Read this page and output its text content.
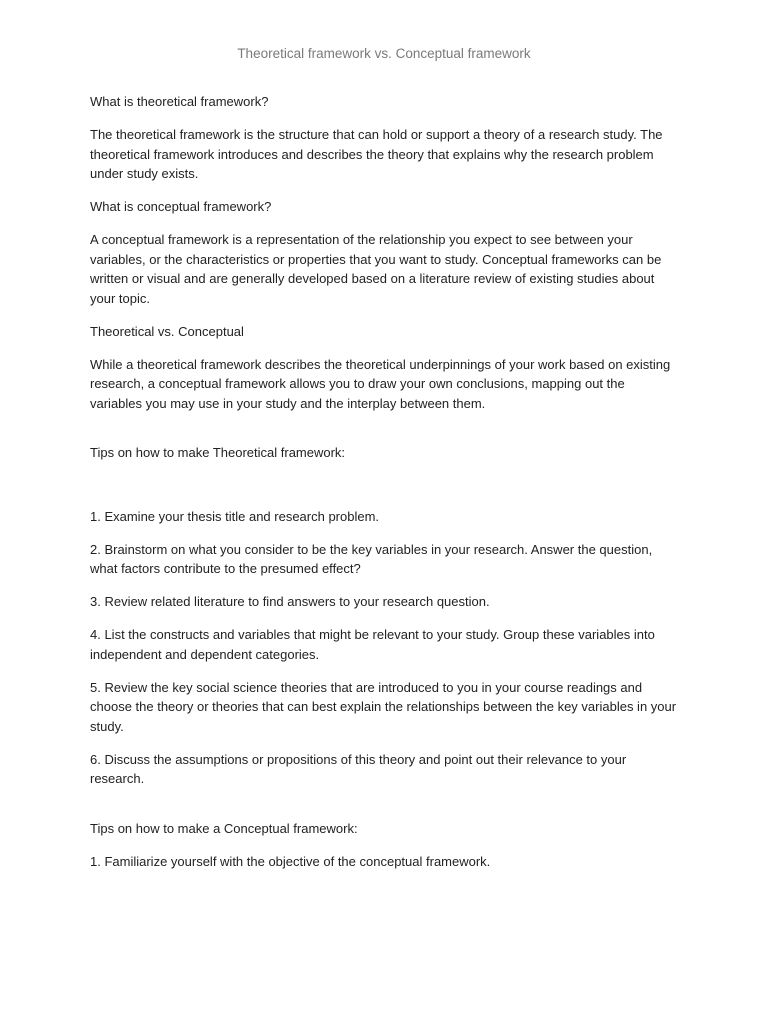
Theoretical framework vs. Conceptual framework

What is theoretical framework?

The theoretical framework is the structure that can hold or support a theory of a research study. The theoretical framework introduces and describes the theory that explains why the research problem under study exists.

What is conceptual framework?

A conceptual framework is a representation of the relationship you expect to see between your variables, or the characteristics or properties that you want to study. Conceptual frameworks can be written or visual and are generally developed based on a literature review of existing studies about your topic.

Theoretical vs. Conceptual

While a theoretical framework describes the theoretical underpinnings of your work based on existing research, a conceptual framework allows you to draw your own conclusions, mapping out the variables you may use in your study and the interplay between them.

Tips on how to make Theoretical framework:

1. Examine your thesis title and research problem.

2. Brainstorm on what you consider to be the key variables in your research. Answer the question, what factors contribute to the presumed effect?

3. Review related literature to find answers to your research question.

4. List the constructs and variables that might be relevant to your study. Group these variables into independent and dependent categories.

5. Review the key social science theories that are introduced to you in your course readings and choose the theory or theories that can best explain the relationships between the key variables in your study.

6. Discuss the assumptions or propositions of this theory and point out their relevance to your research.

Tips on how to make a Conceptual framework:

1. Familiarize yourself with the objective of the conceptual framework.
